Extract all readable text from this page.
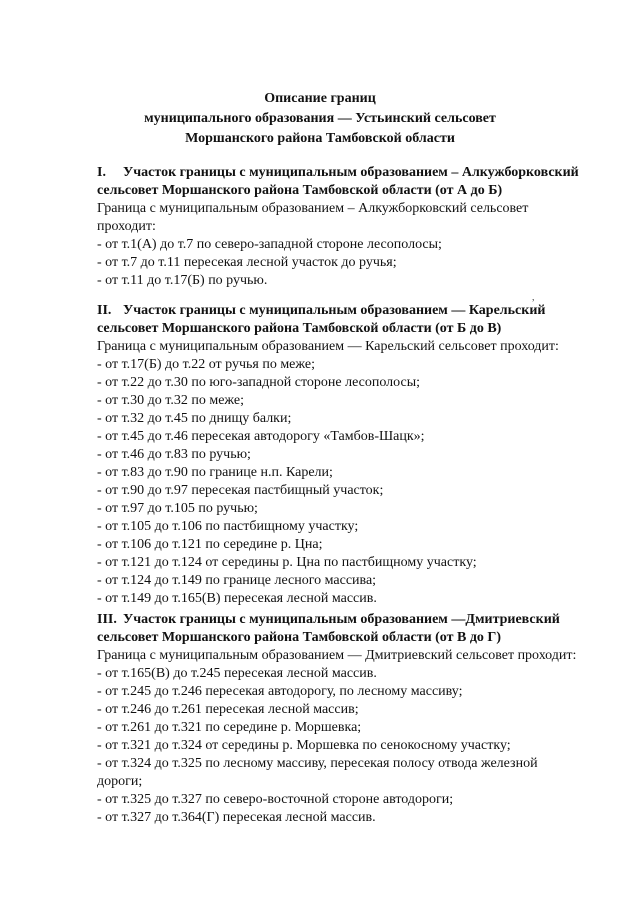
Описание границ
муниципального образования — Устьинский сельсовет
Моршанского района Тамбовской области
I. Участок границы с муниципальным образованием – Алкужборковский
сельсовет Моршанского района Тамбовской области (от А до Б)
Граница с муниципальным образованием – Алкужборковский сельсовет
проходит:
- от т.1(А) до т.7 по северо-западной стороне лесополосы;
- от т.7 до т.11 пересекая лесной участок до ручья;
- от т.11 до т.17(Б) по ручью.
,
II. Участок границы с муниципальным образованием — Карельский
сельсовет Моршанского района Тамбовской области (от Б до В)
Граница с муниципальным образованием — Карельский сельсовет проходит:
- от т.17(Б) до т.22 от ручья по меже;
- от т.22 до т.30 по юго-западной стороне лесополосы;
- от т.30 до т.32 по меже;
- от т.32 до т.45 по днищу балки;
- от т.45 до т.46 пересекая автодорогу «Тамбов-Шацк»;
- от т.46 до т.83 по ручью;
- от т.83 до т.90 по границе н.п. Карели;
- от т.90 до т.97 пересекая пастбищный участок;
- от т.97 до т.105 по ручью;
- от т.105 до т.106 по пастбищному участку;
- от т.106 до т.121 по середине р. Цна;
- от т.121 до т.124 от середины р. Цна по пастбищному участку;
- от т.124 до т.149 по границе лесного массива;
- от т.149 до т.165(В) пересекая лесной массив.
III. Участок границы с муниципальным образованием —Дмитриевский
сельсовет Моршанского района Тамбовской области (от В до Г)
Граница с муниципальным образованием — Дмитриевский сельсовет проходит:
- от т.165(В) до т.245 пересекая лесной массив.
- от т.245 до т.246 пересекая автодорогу, по лесному массиву;
- от т.246 до т.261 пересекая лесной массив;
- от т.261 до т.321 по середине р. Моршевка;
- от т.321 до т.324 от середины р. Моршевка по сенокосному участку;
- от т.324 до т.325 по лесному массиву, пересекая полосу отвода железной дороги;
- от т.325 до т.327 по северо-восточной стороне автодороги;
- от т.327 до т.364(Г) пересекая лесной массив.
